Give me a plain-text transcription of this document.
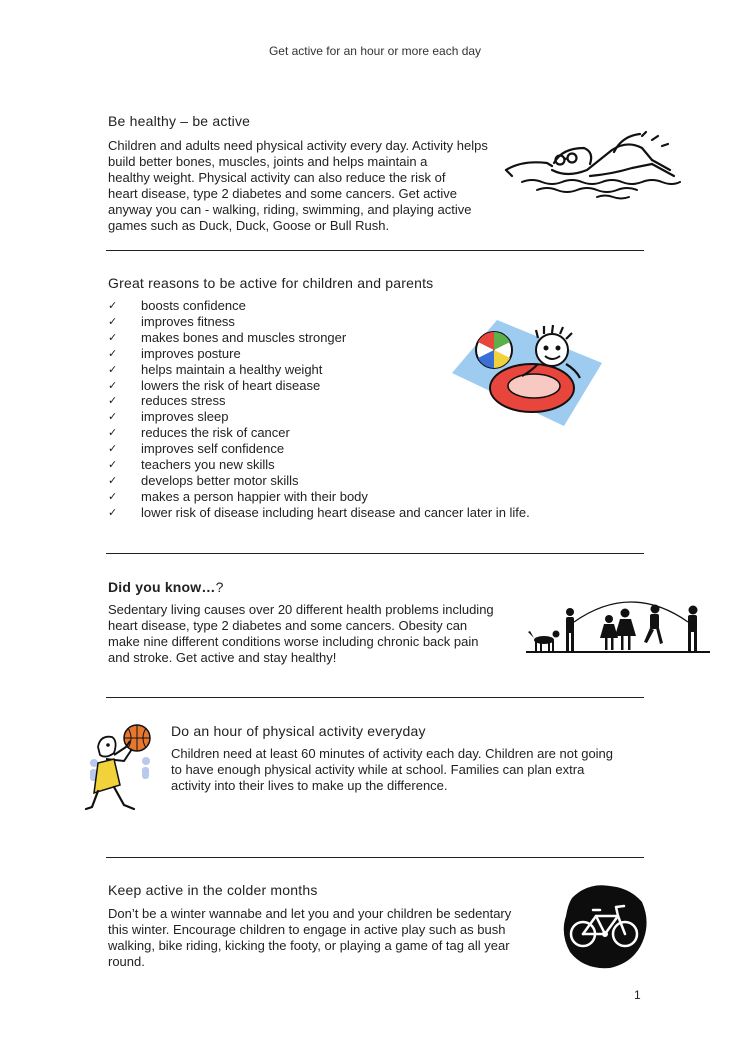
Get active for an hour or more each day
Be healthy – be active
Children and adults need physical activity every day. Activity helps
build better bones, muscles, joints and helps maintain a
healthy weight. Physical activity can also reduce the risk of
heart disease, type 2 diabetes and some cancers. Get active
anyway you can - walking, riding, swimming, and playing active
games such as Duck, Duck, Goose or Bull Rush.
Great reasons to be active for children and parents
✓	boosts confidence
✓	improves fitness
✓	makes bones and muscles stronger
✓	improves posture
✓	helps maintain a healthy weight
✓	lowers the risk of heart disease
✓	reduces stress
✓	improves sleep
✓	reduces the risk of cancer
✓	improves self confidence
✓	teachers you new skills
✓	develops better motor skills
✓	makes a person happier with their body
✓	lower risk of disease including heart disease and cancer later in life.
Did you know…?
Sedentary living causes over 20 different health problems including
heart disease, type 2 diabetes and some cancers. Obesity can
make nine different conditions worse including chronic back pain
and stroke. Get active and stay healthy!
Do an hour of physical activity everyday
Children need at least 60 minutes of activity each day. Children are not going
to have enough physical activity while at school. Families can plan extra
activity into their lives to make up the difference.
Keep active in the colder months
Don’t be a winter wannabe and let you and your children be sedentary
this winter. Encourage children to engage in active play such as bush
walking, bike riding, kicking the footy, or playing a game of tag all year
round.
1
